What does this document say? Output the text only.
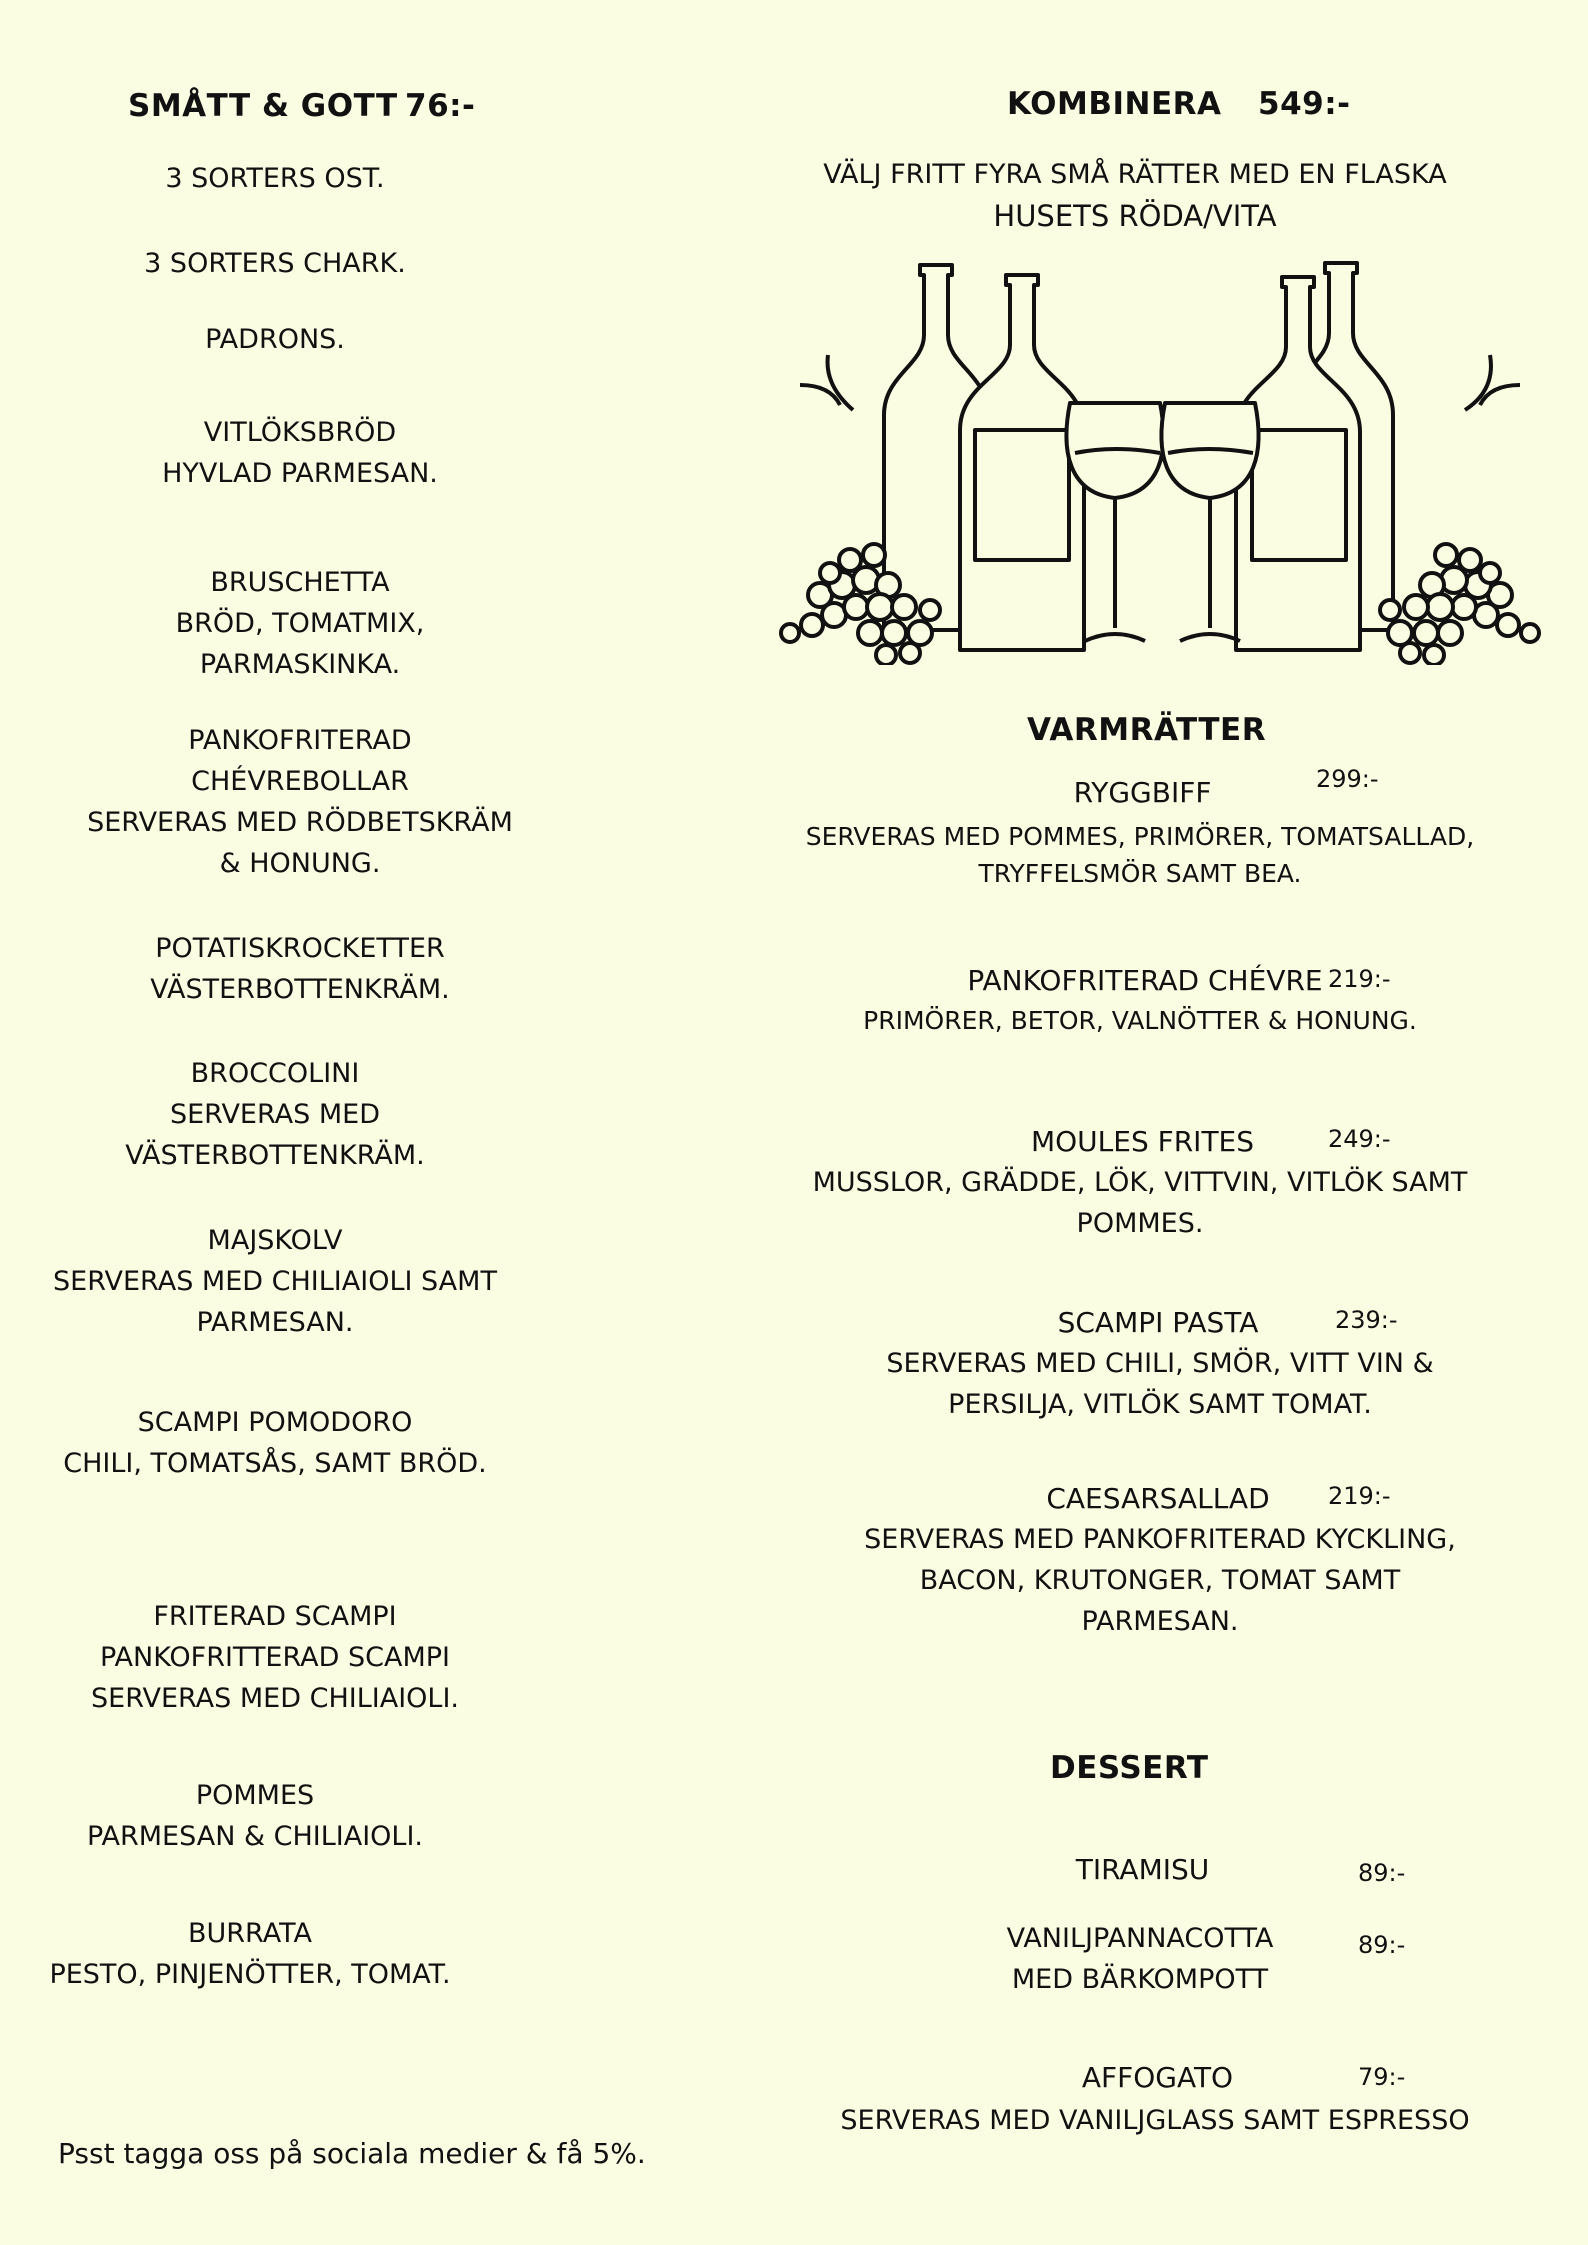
SMÅTT & GOTT 76:-
3 SORTERS OST.
3 SORTERS CHARK.
PADRONS.
VITLÖKSBRÖD
HYVLAD PARMESAN.
BRUSCHETTA
BRÖD, TOMATMIX,
PARMASKINKA.
PANKOFRITERAD
CHÉVREBOLLAR
SERVERAS MED RÖDBETSKRÄM
& HONUNG.
POTATISKROCKETTER
VÄSTERBOTTENKRÄM.
BROCCOLINI
SERVERAS MED
VÄSTERBOTTENKRÄM.
MAJSKOLV
SERVERAS MED CHILIAIOLI SAMT
PARMESAN.
SCAMPI POMODORO
CHILI, TOMATSÅS, SAMT BRÖD.
FRITERAD SCAMPI
PANKOFRITTERAD SCAMPI
SERVERAS MED CHILIAIOLI.
POMMES
PARMESAN & CHILIAIOLI.
BURRATA
PESTO, PINJENÖTTER, TOMAT.
Psst tagga oss på sociala medier & få 5%.
KOMBINERA 549:-
VÄLJ FRITT FYRA SMÅ RÄTTER MED EN FLASKA
HUSETS RÖDA/VITA
VARMRÄTTER
RYGGBIFF	299:-
SERVERAS MED POMMES, PRIMÖRER, TOMATSALLAD,
TRYFFELSMÖR SAMT BEA.
PANKOFRITERAD CHÉVRE 219:-
PRIMÖRER, BETOR, VALNÖTTER & HONUNG.
MOULES FRITES	249:-
MUSSLOR, GRÄDDE, LÖK, VITTVIN, VITLÖK SAMT
POMMES.
SCAMPI PASTA	239:-
SERVERAS MED CHILI, SMÖR, VITT VIN &
PERSILJA, VITLÖK SAMT TOMAT.
CAESARSALLAD	219:-
SERVERAS MED PANKOFRITERAD KYCKLING,
BACON, KRUTONGER, TOMAT SAMT
PARMESAN.
DESSERT
TIRAMISU	89:-
VANILJPANNACOTTA
MED BÄRKOMPOTT
89:-
AFFOGATO	79:-
SERVERAS MED VANILJGLASS SAMT ESPRESSO
